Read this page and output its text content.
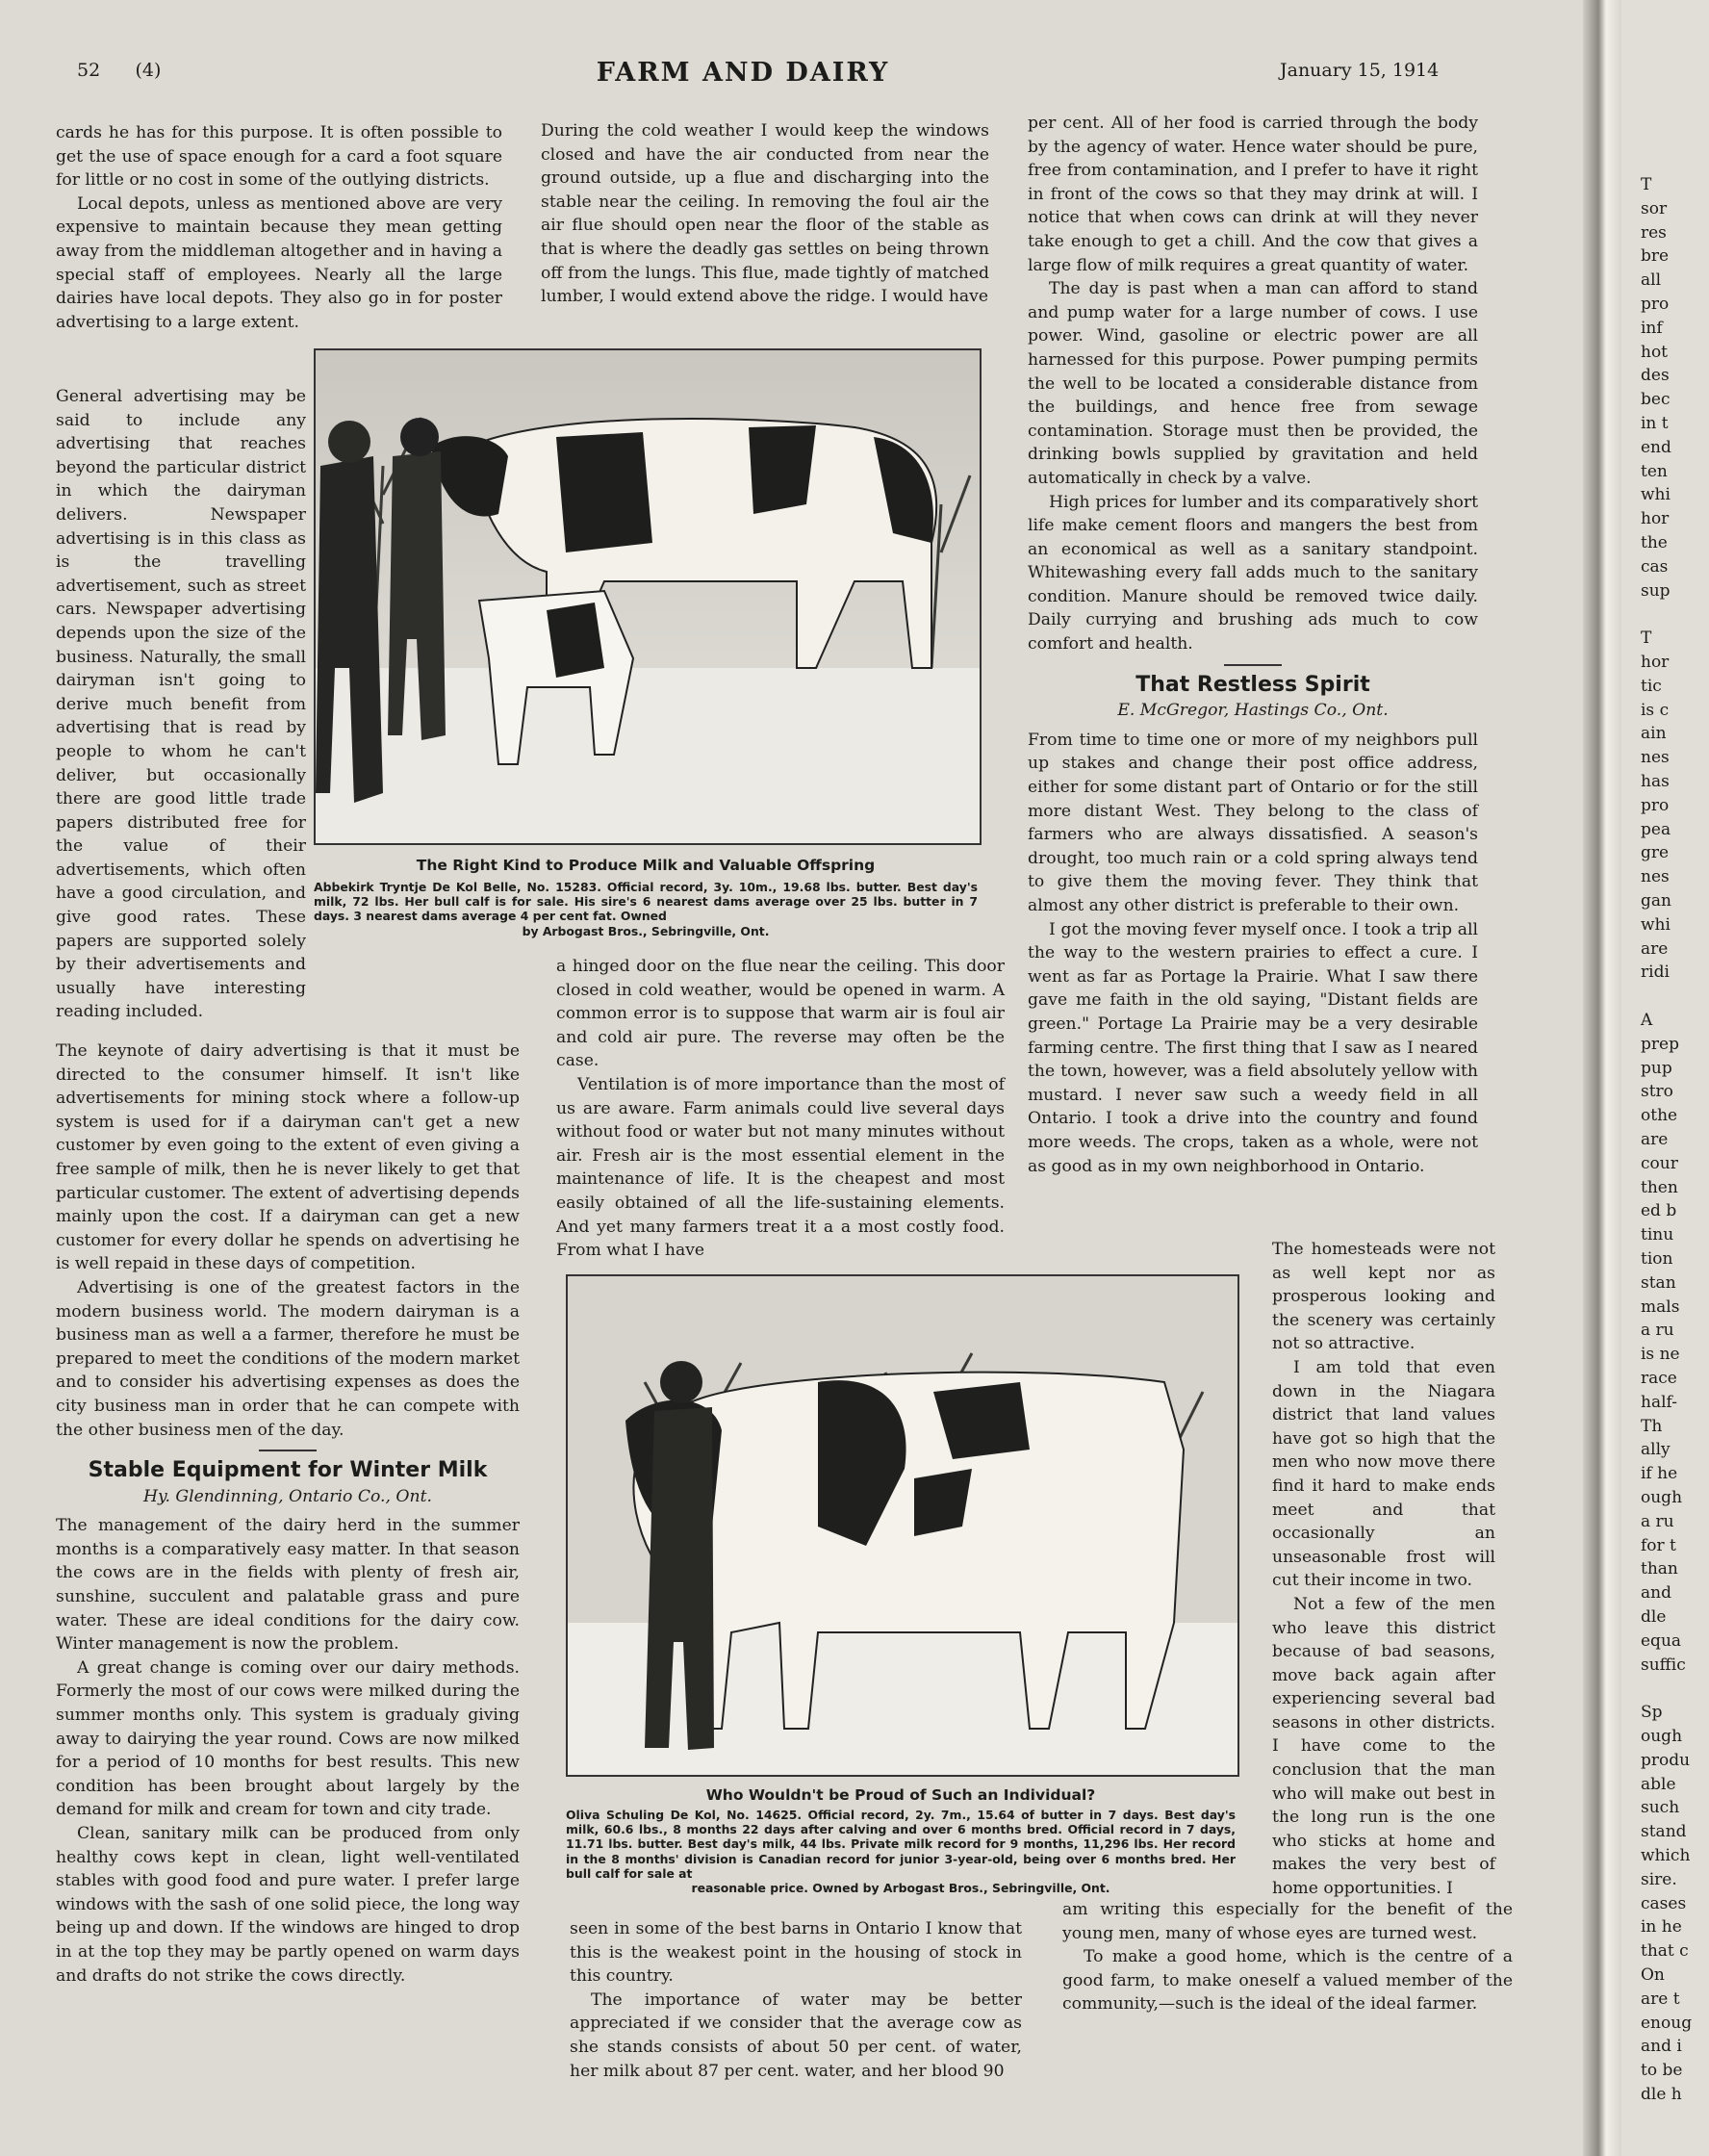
52 (4)	FARM AND DAIRY	January 15, 1914

cards he has for this purpose. It is often possible to get the use of space enough for a card a foot square for little or no cost in some of the outlying districts.

Local depots, unless as mentioned above are very expensive to maintain because they mean getting away from the middleman altogether and in having a special staff of employees. Nearly all the large dairies have local depots. They also go in for poster advertising to a large extent.

General advertising may be said to include any advertising that reaches beyond the particular district in which the dairyman delivers. Newspaper advertising is in this class as is the travelling advertisement, such as street cars. Newspaper advertising depends upon the size of the business. Naturally, the small dairyman isn't going to derive much benefit from advertising that is read by people to whom he can't deliver, but occasionally there are good little trade papers distributed free for the value of their advertisements, which often have a good circulation, and give good rates. These papers are supported solely by their advertisements and usually have interesting reading included.

The keynote of dairy advertising is that it must be directed to the consumer himself. It isn't like advertisements for mining stock where a follow-up system is used for if a dairyman can't get a new customer by even going to the extent of even giving a free sample of milk, then he is never likely to get that particular customer. The extent of advertising depends mainly upon the cost. If a dairyman can get a new customer for every dollar he spends on advertising he is well repaid in these days of competition.

Advertising is one of the greatest factors in the modern business world. The modern dairyman is a business man as well a a farmer, therefore he must be prepared to meet the conditions of the modern market and to consider his advertising expenses as does the city business man in order that he can compete with the other business men of the day.

Stable Equipment for Winter Milk
Hy. Glendinning, Ontario Co., Ont.

The management of the dairy herd in the summer months is a comparatively easy matter. In that season the cows are in the fields with plenty of fresh air, sunshine, succulent and palatable grass and pure water. These are ideal conditions for the dairy cow. Winter management is now the problem.

A great change is coming over our dairy methods. Formerly the most of our cows were milked during the summer months only. This system is gradualy giving away to dairying the year round. Cows are now milked for a period of 10 months for best results. This new condition has been brought about largely by the demand for milk and cream for town and city trade.

Clean, sanitary milk can be produced from only healthy cows kept in clean, light well-ventilated stables with good food and pure water. I prefer large windows with the sash of one solid piece, the long way being up and down. If the windows are hinged to drop in at the top they may be partly opened on warm days and drafts do not strike the cows directly.

During the cold weather I would keep the windows closed and have the air conducted from near the ground outside, up a flue and discharging into the stable near the ceiling. In removing the foul air the air flue should open near the floor of the stable as that is where the deadly gas settles on being thrown off from the lungs. This flue, made tightly of matched lumber, I would extend above the ridge. I would have

The Right Kind to Produce Milk and Valuable Offspring

Abbekirk Tryntje De Kol Belle, No. 15283. Official record, 3y. 10m., 19.68 lbs. butter. Best day's milk, 72 lbs. Her bull calf is for sale. His sire's 6 nearest dams average over 25 lbs. butter in 7 days. 3 nearest dams average 4 per cent fat. Owned

by Arbogast Bros., Sebringville, Ont.

a hinged door on the flue near the ceiling. This door closed in cold weather, would be opened in warm. A common error is to suppose that warm air is foul air and cold air pure. The reverse may often be the case.

Ventilation is of more importance than the most of us are aware. Farm animals could live several days without food or water but not many minutes without air. Fresh air is the most essential element in the maintenance of life. It is the cheapest and most easily obtained of all the life-sustaining elements. And yet many farmers treat it a a most costly food. From what I have

Who Wouldn't be Proud of Such an Individual?

Oliva Schuling De Kol, No. 14625. Official record, 2y. 7m., 15.64 of butter in 7 days. Best day's milk, 60.6 lbs., 8 months 22 days after calving and over 6 months bred. Official record in 7 days, 11.71 lbs. butter. Best day's milk, 44 lbs. Private milk record for 9 months, 11,296 lbs. Her record in the 8 months' division is Canadian record for junior 3-year-old, being over 6 months bred. Her bull calf for sale at

reasonable price. Owned by Arbogast Bros., Sebringville, Ont.

seen in some of the best barns in Ontario I know that this is the weakest point in the housing of stock in this country.

The importance of water may be better appreciated if we consider that the average cow as she stands consists of about 50 per cent. of water, her milk about 87 per cent. water, and her blood 90

per cent. All of her food is carried through the body by the agency of water. Hence water should be pure, free from contamination, and I prefer to have it right in front of the cows so that they may drink at will. I notice that when cows can drink at will they never take enough to get a chill. And the cow that gives a large flow of milk requires a great quantity of water.

The day is past when a man can afford to stand and pump water for a large number of cows. I use power. Wind, gasoline or electric power are all harnessed for this purpose. Power pumping permits the well to be located a considerable distance from the buildings, and hence free from sewage contamination. Storage must then be provided, the drinking bowls supplied by gravitation and held automatically in check by a valve.

High prices for lumber and its comparatively short life make cement floors and mangers the best from an economical as well as a sanitary standpoint. Whitewashing every fall adds much to the sanitary condition. Manure should be removed twice daily. Daily currying and brushing ads much to cow comfort and health.

That Restless Spirit
E. McGregor, Hastings Co., Ont.

From time to time one or more of my neighbors pull up stakes and change their post office address, either for some distant part of Ontario or for the still more distant West. They belong to the class of farmers who are always dissatisfied. A season's drought, too much rain or a cold spring always tend to give them the moving fever. They think that almost any other district is preferable to their own.

I got the moving fever myself once. I took a trip all the way to the western prairies to effect a cure. I went as far as Portage la Prairie. What I saw there gave me faith in the old saying, "Distant fields are green." Portage La Prairie may be a very desirable farming centre. The first thing that I saw as I neared the town, however, was a field absolutely yellow with mustard. I never saw such a weedy field in all Ontario. I took a drive into the country and found more weeds. The crops, taken as a whole, were not as good as in my own neighborhood in Ontario.

The homesteads were not as well kept nor as prosperous looking and the scenery was certainly not so attractive.

I am told that even down in the Niagara district that land values have got so high that the men who now move there find it hard to make ends meet and that occasionally an unseasonable frost will cut their income in two.

Not a few of the men who leave this district because of bad seasons, move back again after experiencing several bad seasons in other districts. I have come to the conclusion that the man who will make out best in the long run is the one who sticks at home and makes the very best of home opportunities. I

am writing this especially for the benefit of the young men, many of whose eyes are turned west.

To make a good home, which is the centre of a good farm, to make oneself a valued member of the community,—such is the ideal of the ideal farmer.

T
sor
res
bre
all
pro
inf
hot
des
bec
in t
end
ten
whi
hor
the
cas
sup
T
hor
tic
is c
ain
nes
has
pro
pea
gre
nes
gan
whi
are
ridi
A
prep
pup
stro
othe
are
cour
then
ed b
tinu
tion
stan
mals
a ru
is ne
race
half-
Th
ally
if he
ough
a ru
for t
than
and
dle
equa
suffic
Sp
ough
produ
able
such
stand
which
sire.
cases
in he
that c
On
are t
enoug
and i
to be
dle h
